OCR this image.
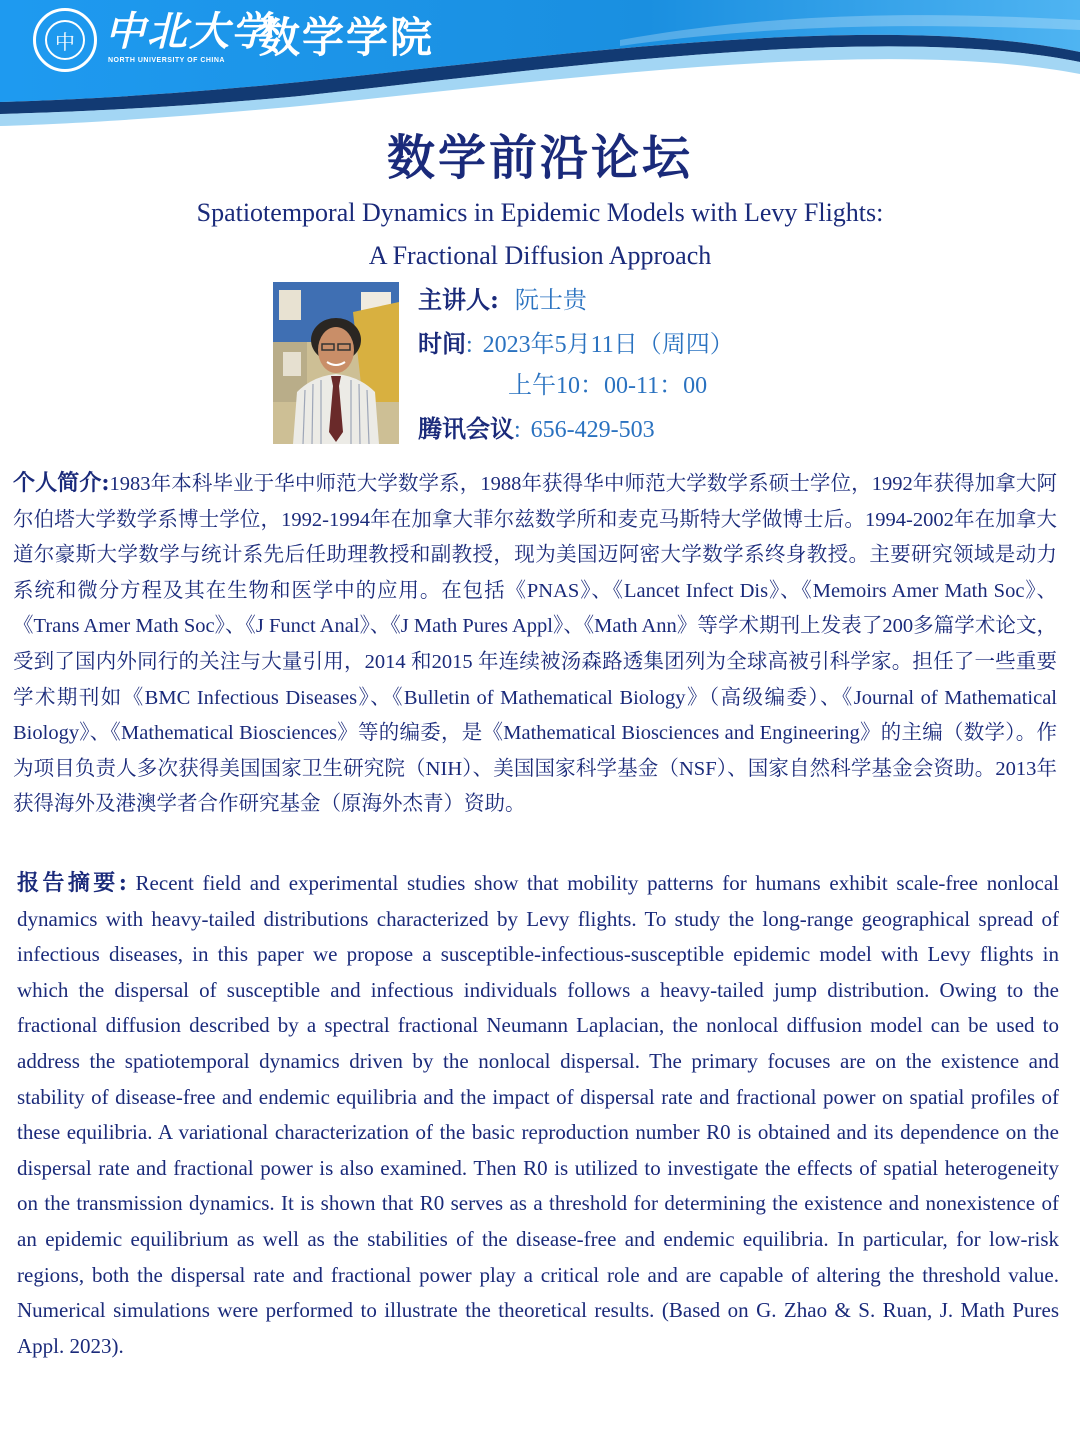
中 中北大学
NORTH UNIVERSITY OF CHINA 数学学院
数学前沿论坛
Spatiotemporal Dynamics in Epidemic Models with Levy Flights:
A Fractional Diffusion Approach
主讲人: 阮士贵
时间: 2023年5月11日（周四）
上午10：00-11：00
腾讯会议: 656-429-503
个人简介:1983年本科毕业于华中师范大学数学系，1988年获得华中师范大学数学系硕士学位，1992年获得加拿大阿尔伯塔大学数学系博士学位，1992-1994年在加拿大菲尔兹数学所和麦克马斯特大学做博士后。1994-2002年在加拿大道尔豪斯大学数学与统计系先后任助理教授和副教授，现为美国迈阿密大学数学系终身教授。主要研究领域是动力系统和微分方程及其在生物和医学中的应用。在包括《PNAS》、《Lancet Infect Dis》、《Memoirs Amer Math Soc》、《Trans Amer Math Soc》、《J Funct Anal》、《J Math Pures Appl》、《Math Ann》等学术期刊上发表了200多篇学术论文，受到了国内外同行的关注与大量引用，2014 和2015 年连续被汤森路透集团列为全球高被引科学家。担任了一些重要学术期刊如《BMC Infectious Diseases》、《Bulletin of Mathematical Biology》（高级编委）、《Journal of Mathematical Biology》、《Mathematical Biosciences》等的编委，是《Mathematical Biosciences and Engineering》的主编（数学）。作为项目负责人多次获得美国国家卫生研究院（NIH）、美国国家科学基金（NSF）、国家自然科学基金会资助。2013年获得海外及港澳学者合作研究基金（原海外杰青）资助。
报告摘要: Recent field and experimental studies show that mobility patterns for humans exhibit scale-free nonlocal dynamics with heavy-tailed distributions characterized by Levy flights. To study the long-range geographical spread of infectious diseases, in this paper we propose a susceptible-infectious-susceptible epidemic model with Levy flights in which the dispersal of susceptible and infectious individuals follows a heavy-tailed jump distribution. Owing to the fractional diffusion described by a spectral fractional Neumann Laplacian, the nonlocal diffusion model can be used to address the spatiotemporal dynamics driven by the nonlocal dispersal. The primary focuses are on the existence and stability of disease-free and endemic equilibria and the impact of dispersal rate and fractional power on spatial profiles of these equilibria. A variational characterization of the basic reproduction number R0 is obtained and its dependence on the dispersal rate and fractional power is also examined. Then R0 is utilized to investigate the effects of spatial heterogeneity on the transmission dynamics. It is shown that R0 serves as a threshold for determining the existence and nonexistence of an epidemic equilibrium as well as the stabilities of the disease-free and endemic equilibria. In particular, for low-risk regions, both the dispersal rate and fractional power play a critical role and are capable of altering the threshold value. Numerical simulations were performed to illustrate the theoretical results. (Based on G. Zhao & S. Ruan, J. Math Pures Appl. 2023).
